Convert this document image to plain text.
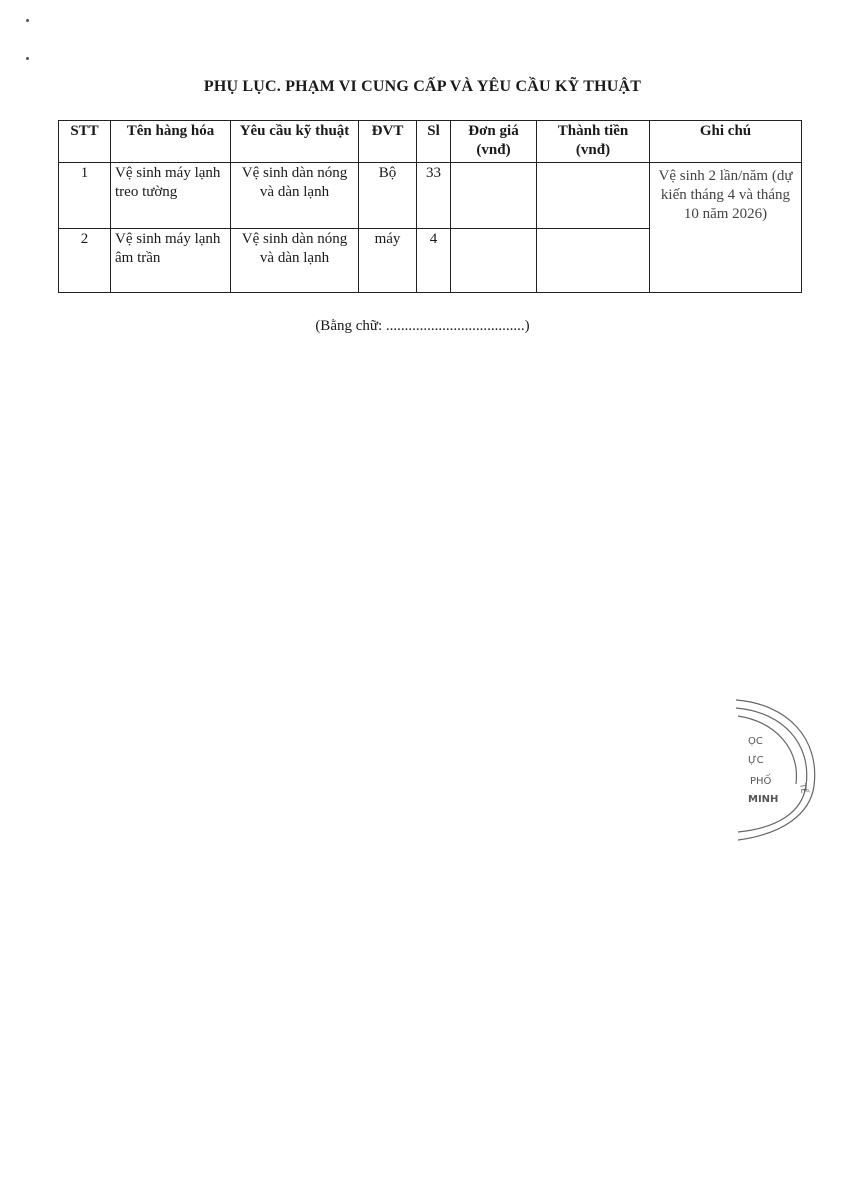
PHỤ LỤC. PHẠM VI CUNG CẤP VÀ YÊU CẦU KỸ THUẬT
STT	Tên hàng hóa	Yêu cầu kỹ thuật	ĐVT	Sl	Đơn giá (vnđ)	Thành tiền (vnđ)	Ghi chú
1	Vệ sinh máy lạnh treo tường	Vệ sinh dàn nóng và dàn lạnh	Bộ	33			Vệ sinh 2 lần/năm (dự kiến tháng 4 và tháng 10 năm 2026)
2	Vệ sinh máy lạnh âm trần	Vệ sinh dàn nóng và dàn lạnh	máy	4			
(Bằng chữ: .....................................)
ỌC
ỰC
PHỐ
MINH
TẾ
